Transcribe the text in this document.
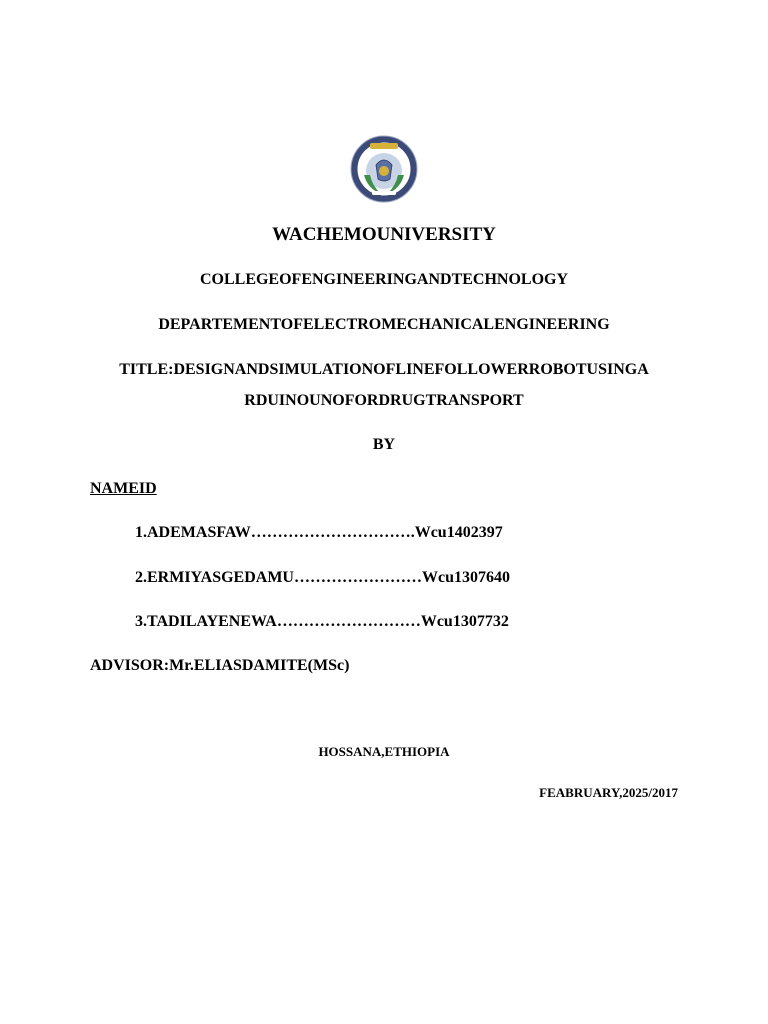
WACHEMOUNIVERSITY
COLLEGEOFENGINEERINGANDTECHNOLOGY
DEPARTEMENTOFELECTROMECHANICALENGINEERING
TITLE:DESIGNANDSIMULATIONOFLINEFOLLOWERROBOTUSINGA
RDUINOUNOFORDRUGTRANSPORT
BY
NAMEID
1.ADEMASFAW………………………….Wcu1402397
2.ERMIYASGEDAMU……………………Wcu1307640
3.TADILAYENEWA………………………Wcu1307732
ADVISOR:Mr.ELIASDAMITE(MSc)
HOSSANA,ETHIOPIA
FEABRUARY,2025/2017
